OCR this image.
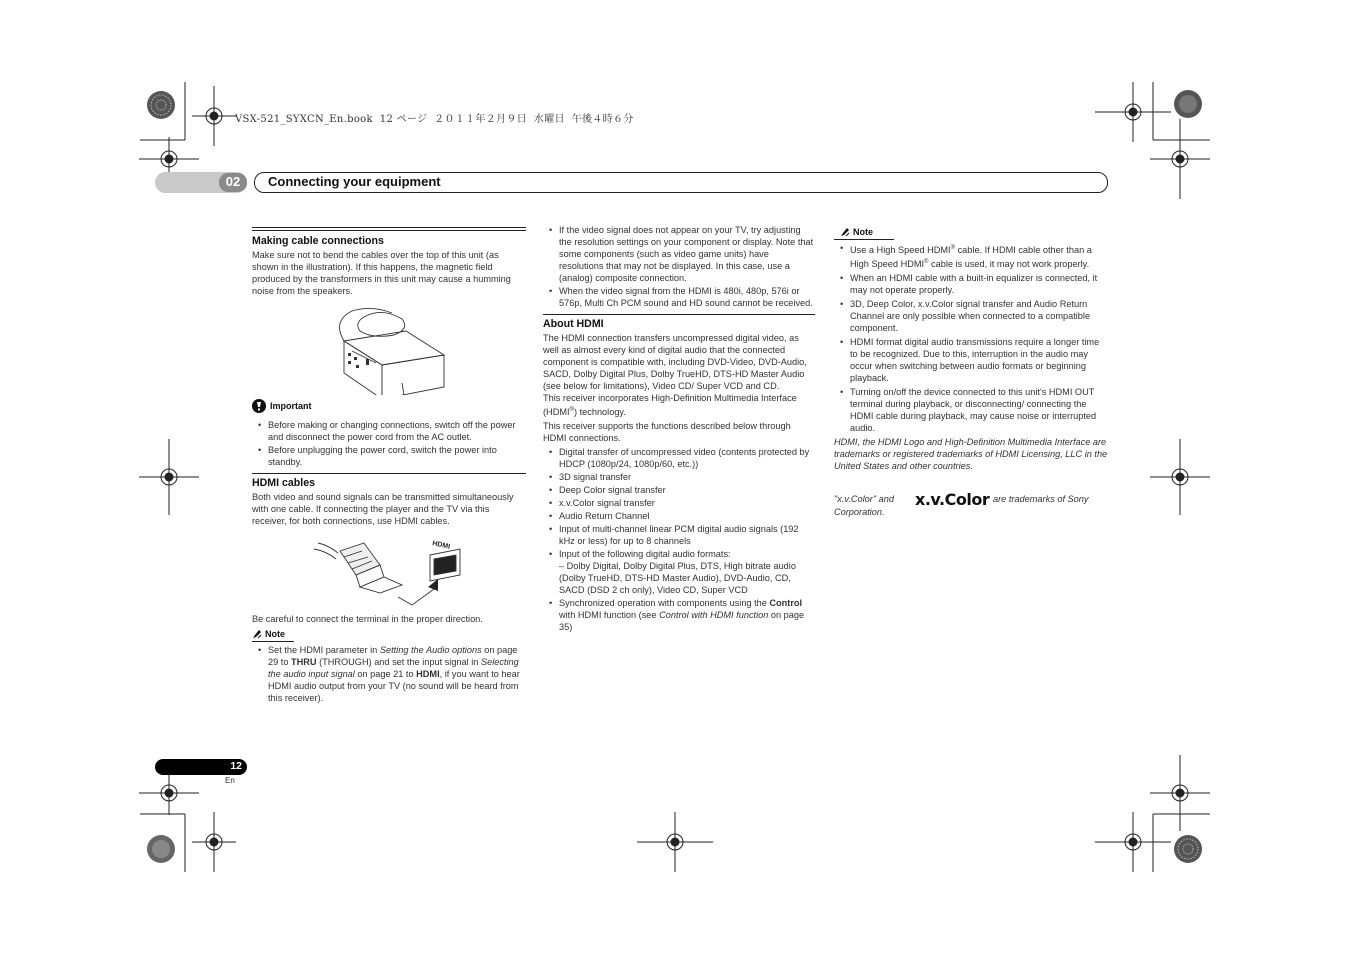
VSX-521_SYXCN_En.book  12 ページ  ２０１１年２月９日  水曜日  午後４時６分
02 Connecting your equipment
Making cable connections

Make sure not to bend the cables over the top of this unit (as shown in the illustration). If this happens, the magnetic field produced by the transformers in this unit may cause a humming noise from the speakers.

Important
• Before making or changing connections, switch off the power and disconnect the power cord from the AC outlet.
• Before unplugging the power cord, switch the power into standby.
HDMI cables

Both video and sound signals can be transmitted simultaneously with one cable. If connecting the player and the TV via this receiver, for both connections, use HDMI cables.

HDMI

Be careful to connect the terminal in the proper direction.

Note
• Set the HDMI parameter in Setting the Audio options on page 29 to THRU (THROUGH) and set the input signal in Selecting the audio input signal on page 21 to HDMI, if you want to hear HDMI audio output from your TV (no sound will be heard from this receiver).
• If the video signal does not appear on your TV, try adjusting the resolution settings on your component or display. Note that some components (such as video game units) have resolutions that may not be displayed. In this case, use a (analog) composite connection.
• When the video signal from the HDMI is 480i, 480p, 576i or 576p, Multi Ch PCM sound and HD sound cannot be received.
About HDMI

The HDMI connection transfers uncompressed digital video, as well as almost every kind of digital audio that the connected component is compatible with, including DVD-Video, DVD-Audio, SACD, Dolby Digital Plus, Dolby TrueHD, DTS-HD Master Audio (see below for limitations), Video CD/ Super VCD and CD.

This receiver incorporates High-Definition Multimedia Interface (HDMI®) technology.

This receiver supports the functions described below through HDMI connections.

• Digital transfer of uncompressed video (contents protected by HDCP (1080p/24, 1080p/60, etc.))
• 3D signal transfer
• Deep Color signal transfer
• x.v.Color signal transfer
• Audio Return Channel
• Input of multi-channel linear PCM digital audio signals (192 kHz or less) for up to 8 channels
• Input of the following digital audio formats:
– Dolby Digital, Dolby Digital Plus, DTS, High bitrate audio (Dolby TrueHD, DTS-HD Master Audio), DVD-Audio, CD, SACD (DSD 2 ch only), Video CD, Super VCD
• Synchronized operation with components using the Control with HDMI function (see Control with HDMI function on page 35)
Note
• Use a High Speed HDMI® cable. If HDMI cable other than a High Speed HDMI® cable is used, it may not work properly.
• When an HDMI cable with a built-in equalizer is connected, it may not operate properly.
• 3D, Deep Color, x.v.Color signal transfer and Audio Return Channel are only possible when connected to a compatible component.
• HDMI format digital audio transmissions require a longer time to be recognized. Due to this, interruption in the audio may occur when switching between audio formats or beginning playback.
• Turning on/off the device connected to this unit's HDMI OUT terminal during playback, or disconnecting/ connecting the HDMI cable during playback, may cause noise or interrupted audio.

HDMI, the HDMI Logo and High-Definition Multimedia Interface are trademarks or registered trademarks of HDMI Licensing, LLC in the United States and other countries.

"x.v.Color" and x.v.Color are trademarks of Sony
Corporation.
12
En
